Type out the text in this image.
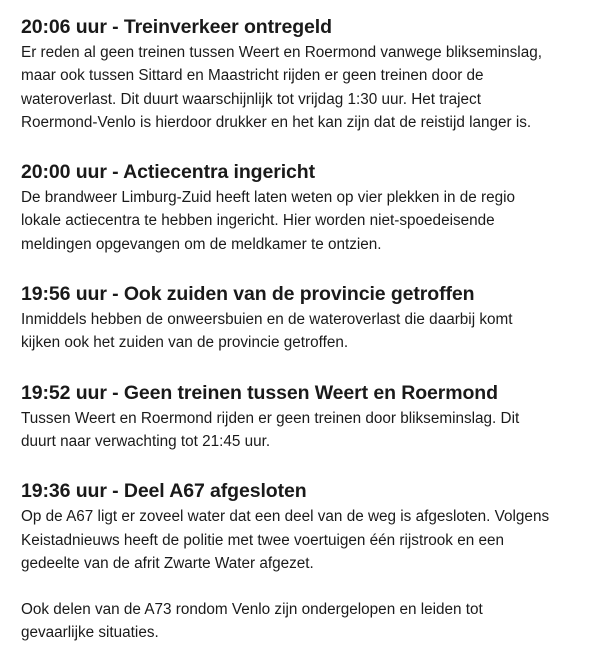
20:06 uur - Treinverkeer ontregeld

Er reden al geen treinen tussen Weert en Roermond vanwege blikseminslag,
maar ook tussen Sittard en Maastricht rijden er geen treinen door de
wateroverlast. Dit duurt waarschijnlijk tot vrijdag 1:30 uur. Het traject
Roermond-Venlo is hierdoor drukker en het kan zijn dat de reistijd langer is.

20:00 uur - Actiecentra ingericht

De brandweer Limburg-Zuid heeft laten weten op vier plekken in de regio
lokale actiecentra te hebben ingericht. Hier worden niet-spoedeisende
meldingen opgevangen om de meldkamer te ontzien.

19:56 uur - Ook zuiden van de provincie getroffen

Inmiddels hebben de onweersbuien en de wateroverlast die daarbij komt
kijken ook het zuiden van de provincie getroffen.

19:52 uur - Geen treinen tussen Weert en Roermond

Tussen Weert en Roermond rijden er geen treinen door blikseminslag. Dit
duurt naar verwachting tot 21:45 uur.

19:36 uur - Deel A67 afgesloten

Op de A67 ligt er zoveel water dat een deel van de weg is afgesloten. Volgens
Keistadnieuws heeft de politie met twee voertuigen één rijstrook en een
gedeelte van de afrit Zwarte Water afgezet.

Ook delen van de A73 rondom Venlo zijn ondergelopen en leiden tot
gevaarlijke situaties.
